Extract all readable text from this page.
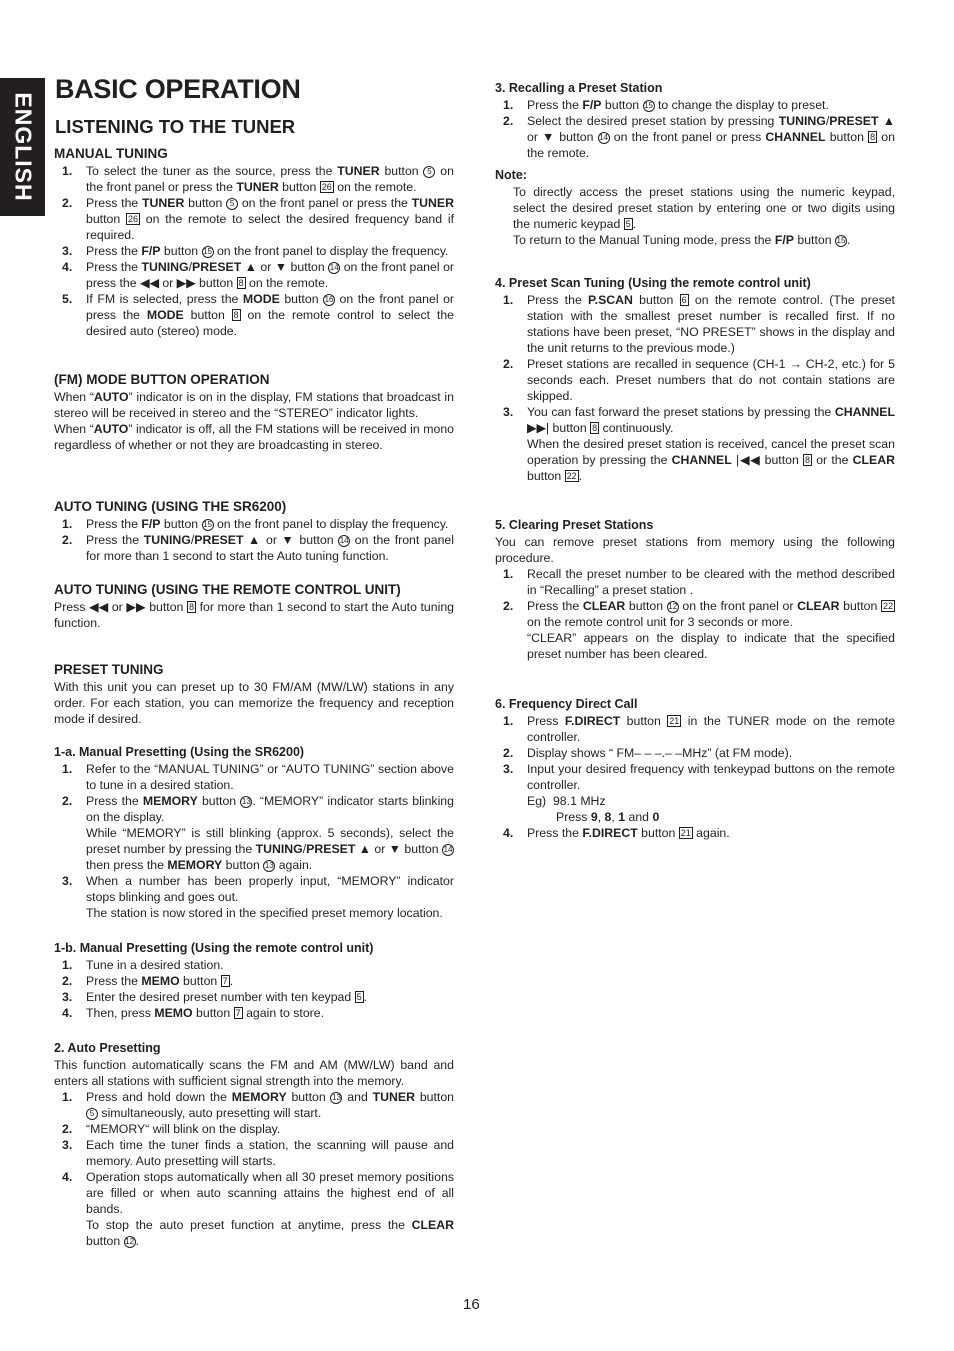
ENGLISH
BASIC OPERATION
LISTENING TO THE TUNER
MANUAL TUNING
1.	To select the tuner as the source, press the TUNER button 5 on the front panel or press the TUNER button 26 on the remote.
2.	Press the TUNER button 5 on the front panel or press the TUNER button 26 on the remote to select the desired frequency band if required.
3.	Press the F/P button 15 on the front panel to display the frequency.
4.	Press the TUNING/PRESET ▲ or ▼ button 14 on the front panel or press the ◀◀ or ▶▶ button 8 on the remote.
5.	If FM is selected, press the MODE button 16 on the front panel or press the MODE button 8 on the remote control to select the desired auto (stereo) mode.
(FM) MODE BUTTON OPERATION

When “AUTO” indicator is on in the display, FM stations that broadcast in stereo will be received in stereo and the “STEREO” indicator lights.

When “AUTO” indicator is off, all the FM stations will be received in mono regardless of whether or not they are broadcasting in stereo.

AUTO TUNING (USING THE SR6200)
1.	Press the F/P button 15 on the front panel to display the frequency.
2.	Press the TUNING/PRESET ▲ or ▼ button 14 on the front panel for more than 1 second to start the Auto tuning function.
AUTO TUNING (USING THE REMOTE CONTROL UNIT)

Press ◀◀ or ▶▶ button 8 for more than 1 second to start the Auto tuning function.

PRESET TUNING

With this unit you can preset up to 30 FM/AM (MW/LW) stations in any order. For each station, you can memorize the frequency and reception mode if desired.

1-a. Manual Presetting (Using the SR6200)
1.	Refer to the “MANUAL TUNING” or “AUTO TUNING” section above to tune in a desired station.
2.	Press the MEMORY button 13 . “MEMORY” indicator starts blinking on the display.
While “MEMORY” is still blinking (approx. 5 seconds), select the preset number by pressing the TUNING/PRESET ▲ or ▼ button 14 then press the MEMORY button 13 again.
3.	When a number has been properly input, “MEMORY” indicator stops blinking and goes out.
The station is now stored in the specified preset memory location.
1-b. Manual Presetting (Using the remote control unit)
1.	Tune in a desired station.
2.	Press the MEMO button 7 .
3.	Enter the desired preset number with ten keypad 5 .
4.	Then, press MEMO button 7 again to store.
2. Auto Presetting

This function automatically scans the FM and AM (MW/LW) band and enters all stations with sufficient signal strength into the memory.

1.	Press and hold down the MEMORY button 13 and TUNER button 5 simultaneously, auto presetting will start.
2.	“MEMORY“ will blink on the display.
3.	Each time the tuner finds a station, the scanning will pause and memory. Auto presetting will starts.
4.	Operation stops automatically when all 30 preset memory positions are filled or when auto scanning attains the highest end of all bands.
To stop the auto preset function at anytime, press the CLEAR button 12 .
3. Recalling a Preset Station
1.	Press the F/P button 15 to change the display to preset.
2.	Select the desired preset station by pressing TUNING/PRESET ▲ or ▼ button 14 on the front panel or press CHANNEL button 8 on the remote.
Note:

To directly access the preset stations using the numeric keypad, select the desired preset station by entering one or two digits using the numeric keypad 5 .

To return to the Manual Tuning mode, press the F/P button 15 .

4. Preset Scan Tuning (Using the remote control unit)
1.	Press the P.SCAN button 6 on the remote control. (The preset station with the smallest preset number is recalled first. If no stations have been preset, “NO PRESET” shows in the display and the unit returns to the previous mode.)
2.	Preset stations are recalled in sequence (CH-1 → CH-2, etc.) for 5 seconds each. Preset numbers that do not contain stations are skipped.
3.	You can fast forward the preset stations by pressing the CHANNEL ▶▶| button 8 continuously.
When the desired preset station is received, cancel the preset scan operation by pressing the CHANNEL |◀◀ button 8 or the CLEAR button 22 .
5. Clearing Preset Stations

You can remove preset stations from memory using the following procedure.

1.	Recall the preset number to be cleared with the method described in “Recalling” a preset station .
2.	Press the CLEAR button 12 on the front panel or CLEAR button 22 on the remote control unit for 3 seconds or more.
“CLEAR” appears on the display to indicate that the specified preset number has been cleared.
6. Frequency Direct Call
1.	Press F.DIRECT button 21 in the TUNER mode on the remote controller.
2.	Display shows “ FM– – –.– –MHz” (at FM mode).
3.	Input your desired frequency with tenkeypad buttons on the remote controller.
Eg)  98.1 MHz
Press 9, 8, 1 and 0
4.	Press the F.DIRECT button 21 again.
16
